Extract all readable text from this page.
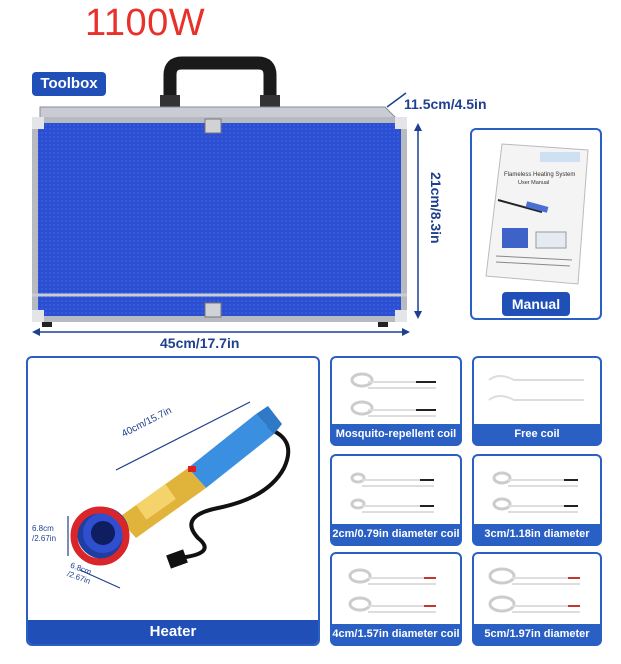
1100W
Toolbox
11.5cm/4.5in
21cm/8.3in
45cm/17.7in
Flameless Heating System
User Manual
Manual
40cm/15.7in
6.8cm /2.67in
6.8cm /2.67in
Heater
Mosquito-repellent coil	Free coil
2cm/0.79in diameter coil	3cm/1.18in diameter
4cm/1.57in diameter coil	5cm/1.97in diameter coil
